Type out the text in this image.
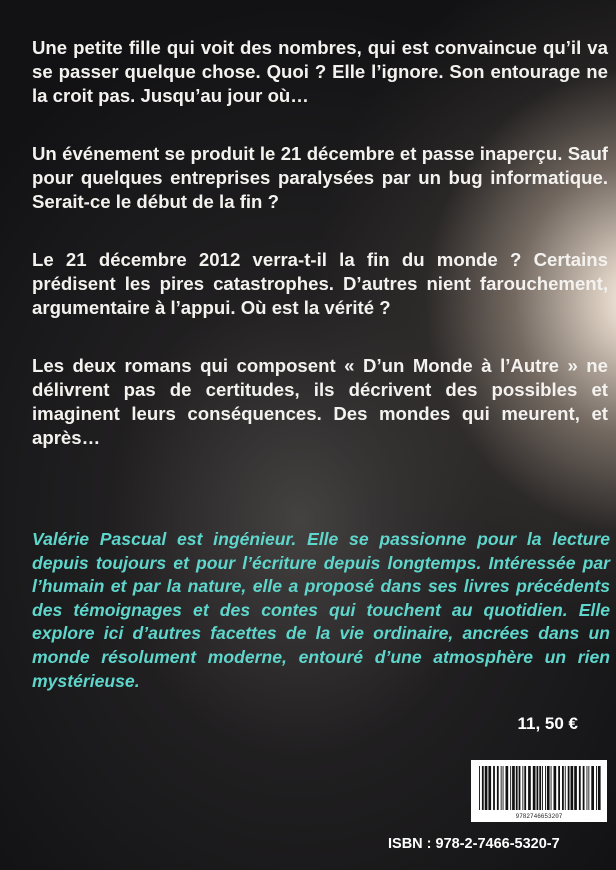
Une petite fille qui voit des nombres, qui est convaincue qu’il va se passer quelque chose. Quoi ? Elle l’ignore. Son entourage ne la croit pas. Jusqu’au jour où…

Un événement se produit le 21 décembre et passe inaperçu. Sauf pour quelques entreprises paralysées par un bug informatique. Serait-ce le début de la fin ?

Le 21 décembre 2012 verra-t-il la fin du monde ? Certains prédisent les pires catastrophes. D’autres nient farouchement, argumentaire à l’appui. Où est la vérité ?

Les deux romans qui composent « D’un Monde à l’Autre » ne délivrent pas de certitudes, ils décrivent des possibles et imaginent leurs conséquences. Des mondes qui meurent, et après…

Valérie Pascual est ingénieur. Elle se passionne pour la lecture depuis toujours et pour l’écriture depuis longtemps. Intéressée par l’humain et par la nature, elle a proposé dans ses livres précédents des témoignages et des contes qui touchent au quotidien. Elle explore ici d’autres facettes de la vie ordinaire, ancrées dans un monde résolument moderne, entouré d’une atmosphère un rien mystérieuse.

11, 50 €
9782746653207
ISBN : 978-2-7466-5320-7
